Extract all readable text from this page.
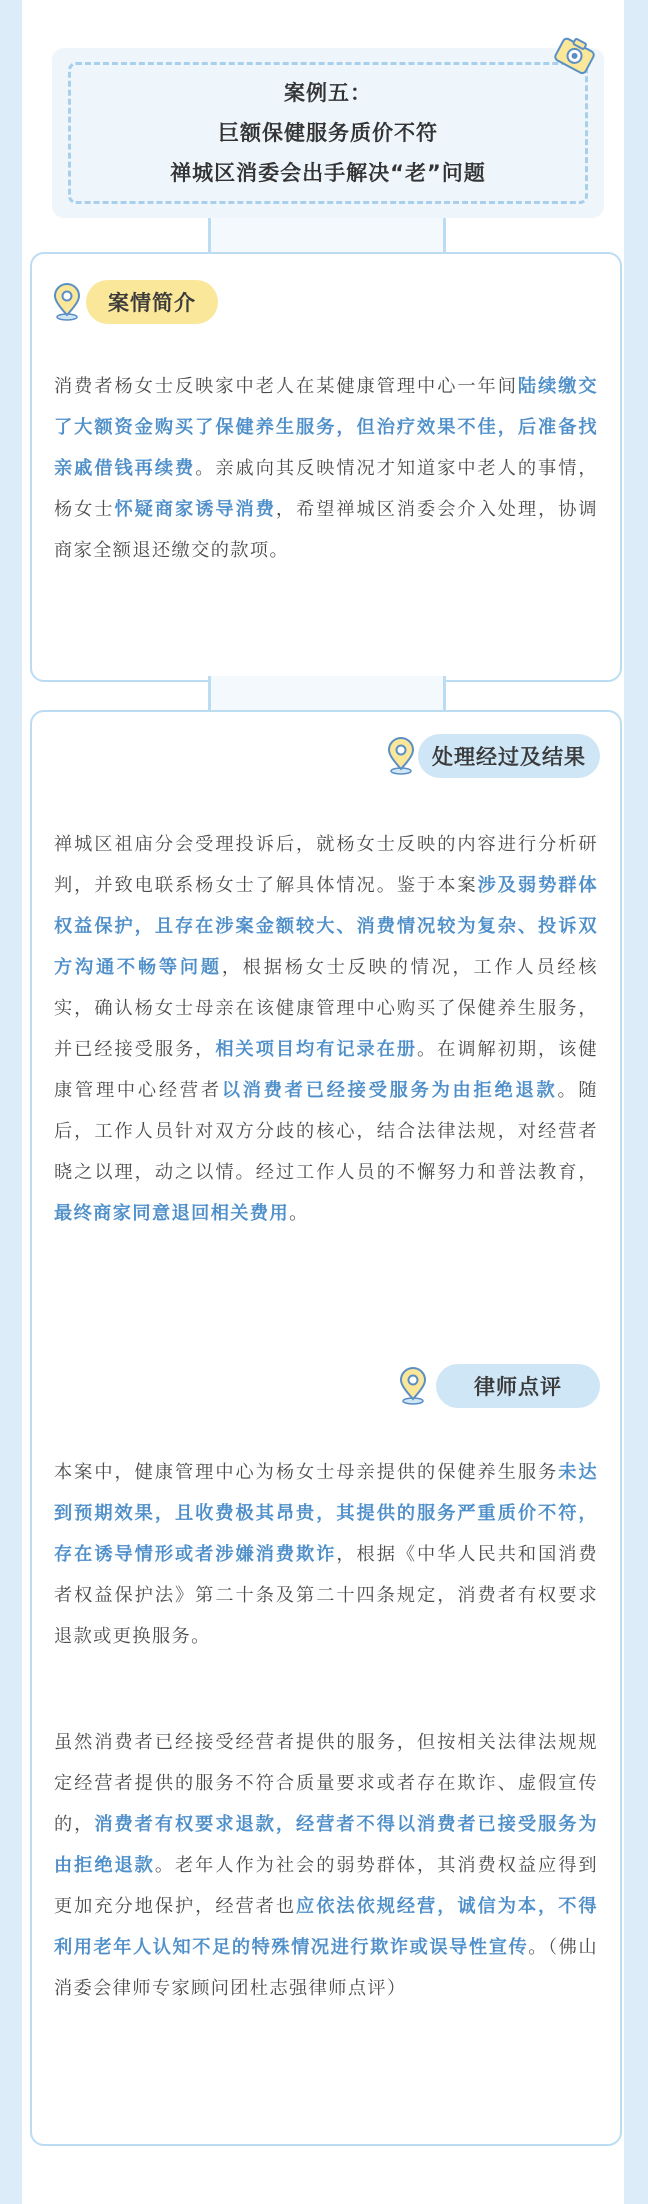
案例五：
巨额保健服务质价不符
禅城区消委会出手解决“老”问题
案情简介
消费者杨女士反映家中老人在某健康管理中心一年间陆续缴交了大额资金购买了保健养生服务，但治疗效果不佳，后准备找亲戚借钱再续费。亲戚向其反映情况才知道家中老人的事情，杨女士怀疑商家诱导消费，希望禅城区消委会介入处理，协调商家全额退还缴交的款项。
处理经过及结果
禅城区祖庙分会受理投诉后，就杨女士反映的内容进行分析研判，并致电联系杨女士了解具体情况。鉴于本案涉及弱势群体权益保护，且存在涉案金额较大、消费情况较为复杂、投诉双方沟通不畅等问题，根据杨女士反映的情况，工作人员经核实，确认杨女士母亲在该健康管理中心购买了保健养生服务，并已经接受服务，相关项目均有记录在册。在调解初期，该健康管理中心经营者以消费者已经接受服务为由拒绝退款。随后，工作人员针对双方分歧的核心，结合法律法规，对经营者晓之以理，动之以情。经过工作人员的不懈努力和普法教育，最终商家同意退回相关费用。
律师点评
本案中，健康管理中心为杨女士母亲提供的保健养生服务未达到预期效果，且收费极其昂贵，其提供的服务严重质价不符，存在诱导情形或者涉嫌消费欺诈，根据《中华人民共和国消费者权益保护法》第二十条及第二十四条规定，消费者有权要求退款或更换服务。
虽然消费者已经接受经营者提供的服务，但按相关法律法规规定经营者提供的服务不符合质量要求或者存在欺诈、虚假宣传的，消费者有权要求退款，经营者不得以消费者已接受服务为由拒绝退款。老年人作为社会的弱势群体，其消费权益应得到更加充分地保护，经营者也应依法依规经营，诚信为本，不得利用老年人认知不足的特殊情况进行欺诈或误导性宣传。（佛山消委会律师专家顾问团杜志强律师点评）
